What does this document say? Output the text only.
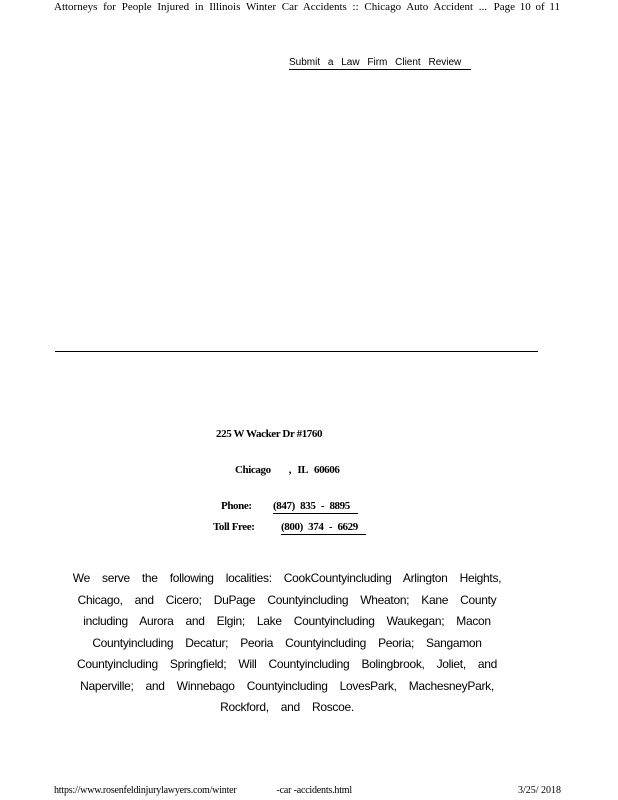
Attorneys for People Injured in Illinois Winter Car Accidents :: Chicago Auto Accident ... Page 10 of 11
Submit a Law Firm Client Review
225 W Wacker Dr #1760
Chicago , IL 60606
Phone: (847) 835 - 8895
Toll Free: (800) 374 - 6629
We serve the following localities: CookCountyincluding Arlington Heights, Chicago, and Cicero; DuPage Countyincluding Wheaton; Kane County including Aurora and Elgin; Lake Countyincluding Waukegan; Macon Countyincluding Decatur; Peoria Countyincluding Peoria; Sangamon Countyincluding Springfield; Will Countyincluding Bolingbrook, Joliet, and Naperville; and Winnebago Countyincluding LovesPark, MachesneyPark, Rockford, and Roscoe.
https://www.rosenfeldinjurylawyers.com/winter	-car -accidents.html	3/25/ 2018
